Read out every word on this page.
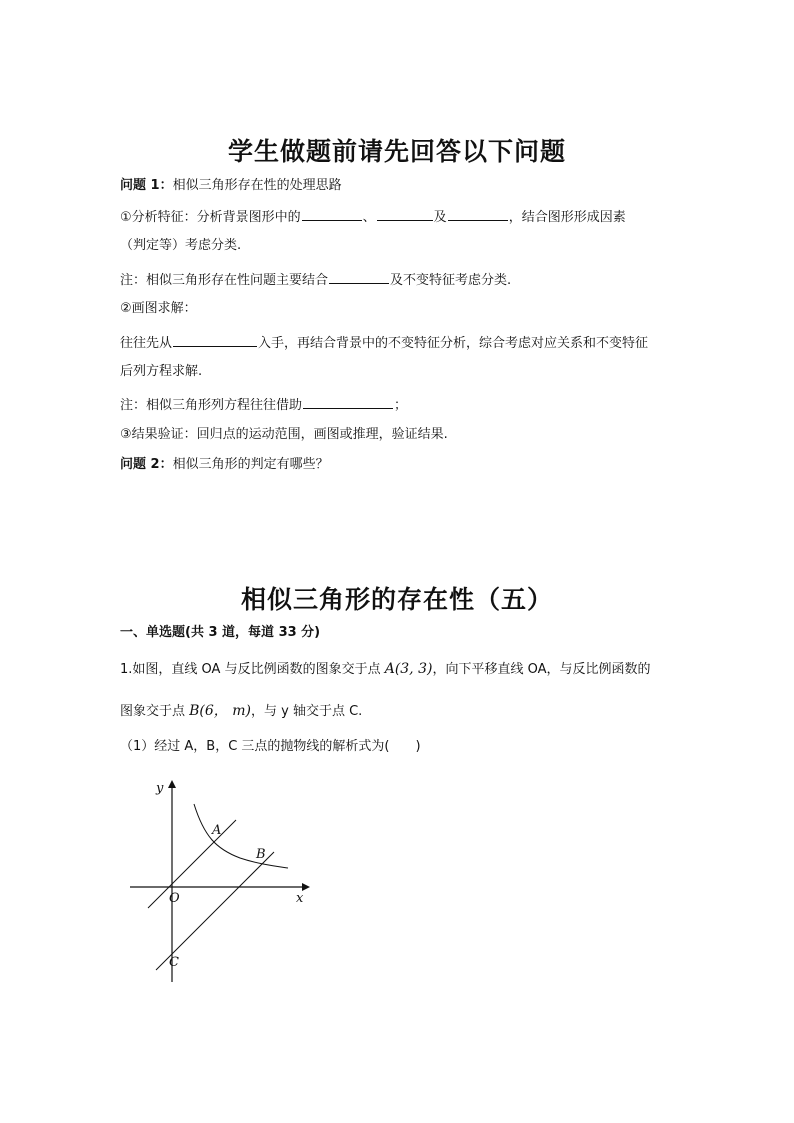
学生做题前请先回答以下问题
问题 1：相似三角形存在性的处理思路
①分析特征：分析背景图形中的	、	及	，结合图形形成因素
（判定等）考虑分类.
注：相似三角形存在性问题主要结合	及不变特征考虑分类.
②画图求解：
往往先从	入手，再结合背景中的不变特征分析，综合考虑对应关系和不变特征
后列方程求解.
注：相似三角形列方程往往借助	；
③结果验证：回归点的运动范围，画图或推理，验证结果.
问题 2：相似三角形的判定有哪些？
相似三角形的存在性（五）
一、单选题(共 3 道，每道 33 分)
1.如图，直线 OA 与反比例函数的图象交于点 A(3, 3)，向下平移直线 OA，与反比例函数的
图象交于点 B(6， m)，与 y 轴交于点 C.
（1）经过 A，B，C 三点的抛物线的解析式为(　　)
y
x
O
A
B
C
